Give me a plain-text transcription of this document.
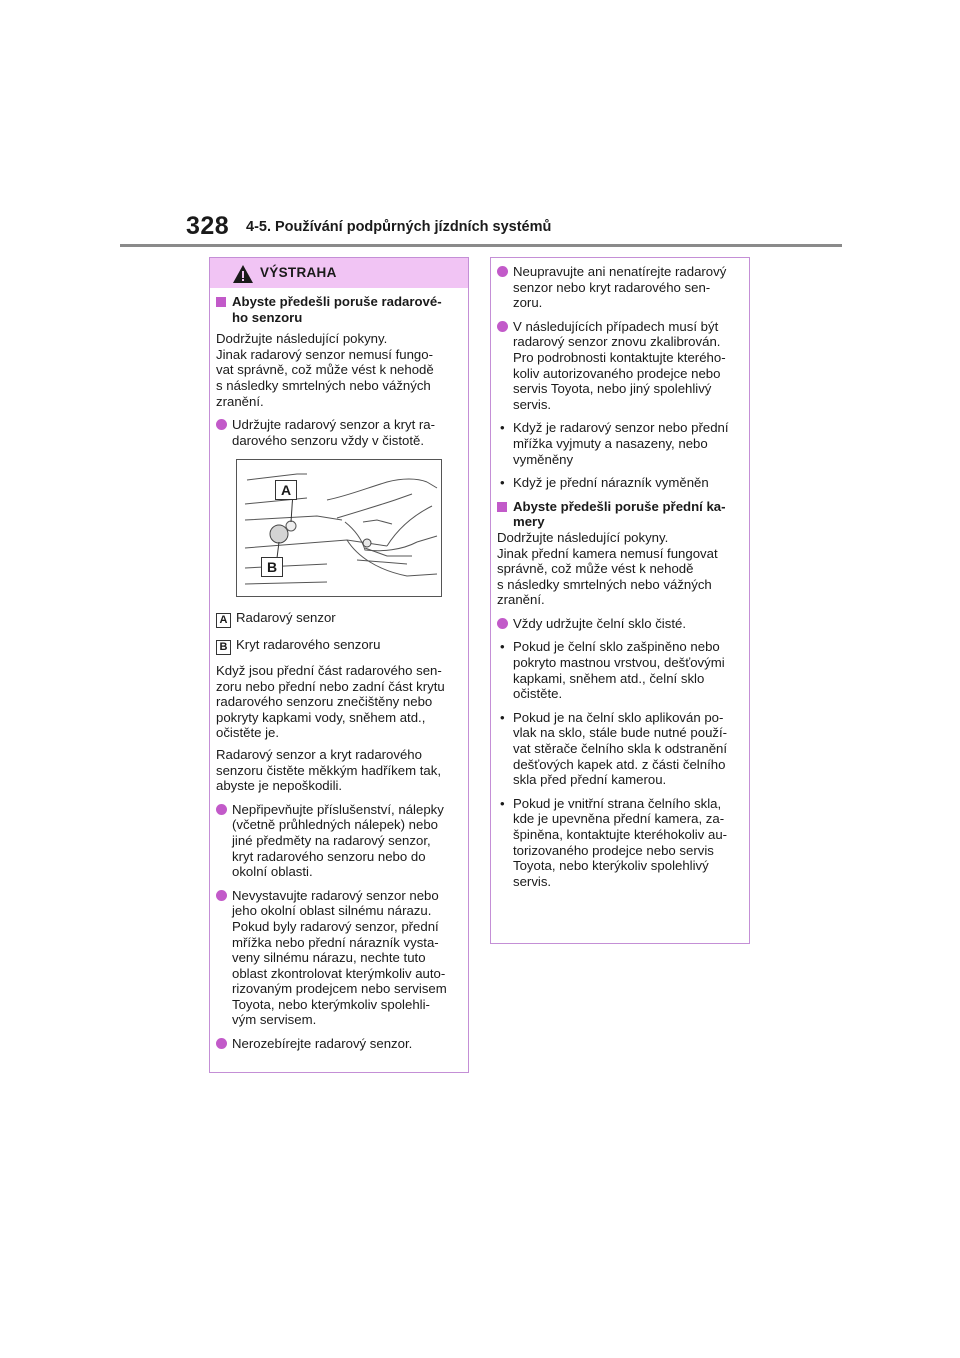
328 4-5. Používání podpůrných jízdních systémů
VÝSTRAHA

Abyste předešli poruše radarové-

ho senzoru

Dodržujte následující pokyny.

Jinak radarový senzor nemusí fungo-

vat správně, což může vést k nehodě

s následky smrtelných nebo vážných

zranění.

Udržujte radarový senzor a kryt ra-

darového senzoru vždy v čistotě.

Když jsou přední část radarového sen-

zoru nebo přední nebo zadní část krytu

radarového senzoru znečištěny nebo

pokryty kapkami vody, sněhem atd.,

očistěte je.

Radarový senzor a kryt radarového

senzoru čistěte měkkým hadříkem tak,

abyste je nepoškodili.

Nepřipevňujte příslušenství, nálepky

(včetně průhledných nálepek) nebo

jiné předměty na radarový senzor,

kryt radarového senzoru nebo do

okolní oblasti.

Nevystavujte radarový senzor nebo

jeho okolní oblast silnému nárazu.

Pokud byly radarový senzor, přední

mřížka nebo přední nárazník vysta-

veny silnému nárazu, nechte tuto

oblast zkontrolovat kterýmkoliv auto-

rizovaným prodejcem nebo servisem

Toyota, nebo kterýmkoliv spolehli-

vým servisem.

Nerozebírejte radarový senzor.

A
B
A Radarový senzor
B Kryt radarového senzoru

Neupravujte ani nenatírejte radarový

senzor nebo kryt radarového sen-

zoru.

V následujících případech musí být

radarový senzor znovu zkalibrován.

Pro podrobnosti kontaktujte kteréhо-

koliv autorizovaného prodejce nebo

servis Toyota, nebo jiný spolehlivý

servis.

• Když je radarový senzor nebo přední

mřížka vyjmuty a nasazeny, nebo

vyměněny

• Když je přední nárazník vyměněn

Abyste předešli poruše přední ka-

mery

Dodržujte následující pokyny.

Jinak přední kamera nemusí fungovat

správně, což může vést k nehodě

s následky smrtelných nebo vážných

zranění.

Vždy udržujte čelní sklo čisté.

• Pokud je čelní sklo zašpiněno nebo

pokryto mastnou vrstvou, dešťovými

kapkami, sněhem atd., čelní sklo

očistěte.

• Pokud je na čelní sklo aplikován po-

vlak na sklo, stále bude nutné použí-

vat stěrače čelního skla k odstranění

dešťových kapek atd. z části čelního

skla před přední kamerou.

• Pokud je vnitřní strana čelního skla,

kde je upevněna přední kamera, za-

špiněna, kontaktujte kteréhokoliv au-

torizovaného prodejce nebo servis

Toyota, nebo kterýkoliv spolehlivý

servis.
